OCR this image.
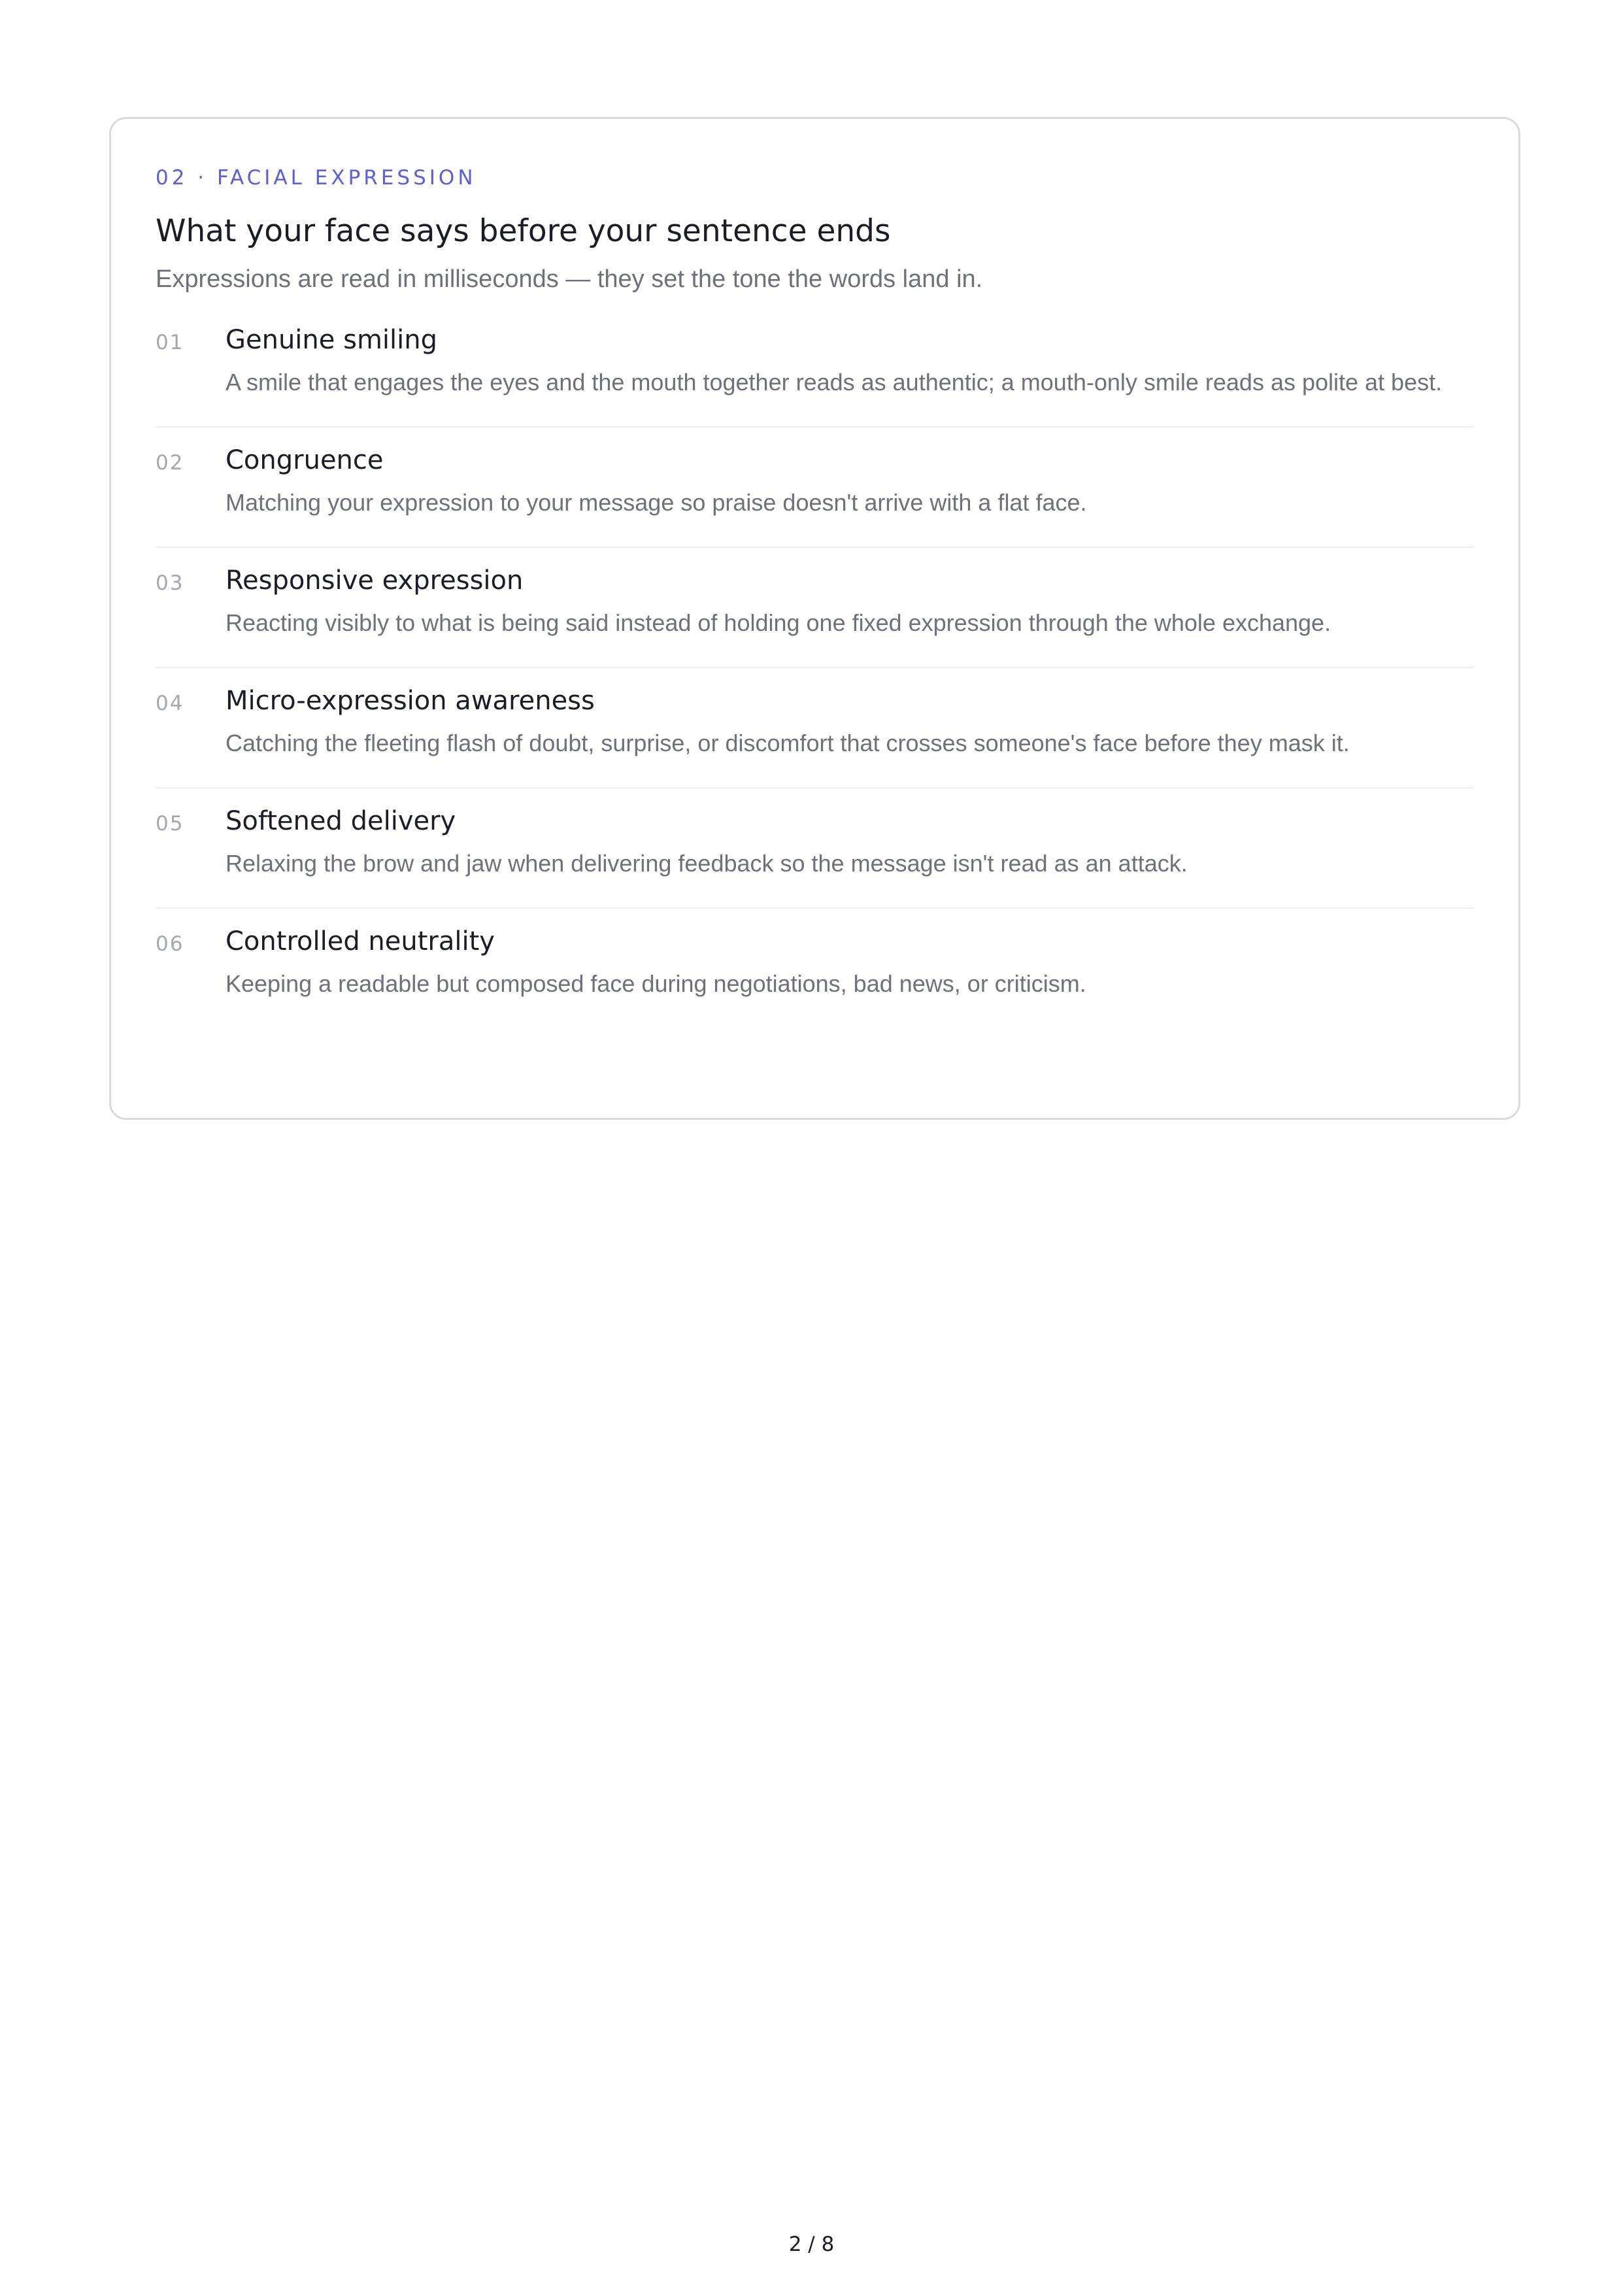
02 · FACIAL EXPRESSION

What your face says before your sentence ends

Expressions are read in milliseconds — they set the tone the words land in.

01	Genuine smiling
A smile that engages the eyes and the mouth together reads as authentic; a mouth-only smile reads as polite at best.
02	Congruence
Matching your expression to your message so praise doesn't arrive with a flat face.
03	Responsive expression
Reacting visibly to what is being said instead of holding one fixed expression through the whole exchange.
04	Micro-expression awareness
Catching the fleeting flash of doubt, surprise, or discomfort that crosses someone's face before they mask it.
05	Softened delivery
Relaxing the brow and jaw when delivering feedback so the message isn't read as an attack.
06	Controlled neutrality
Keeping a readable but composed face during negotiations, bad news, or criticism.
2 / 8
